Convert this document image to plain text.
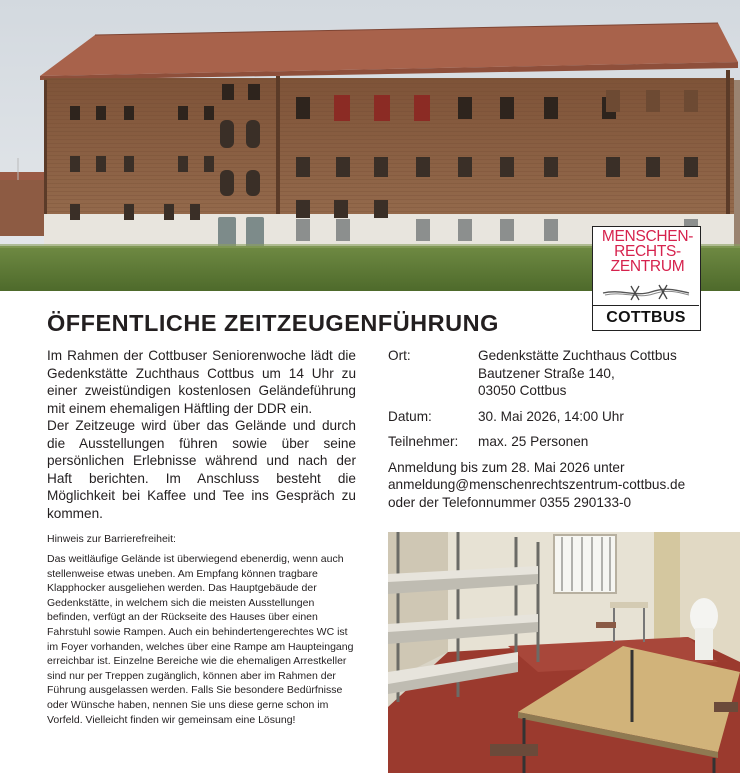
MENSCHEN-
RECHTS-
ZENTRUM
COTTBUS
ÖFFENTLICHE ZEITZEUGENFÜHRUNG

Im Rahmen der Cottbuser Seniorenwoche lädt die Gedenkstätte Zuchthaus Cottbus um 14 Uhr zu einer zweistündigen kostenlosen Geländeführung mit einem ehemaligen Häftling der DDR ein.

Der Zeitzeuge wird über das Gelände und durch die Ausstellungen führen sowie über seine persönlichen Erlebnisse während und nach der Haft berichten. Im Anschluss besteht die Möglichkeit bei Kaffee und Tee ins Gespräch zu kommen.

Ort:	Gedenkstätte Zuchthaus Cottbus
Bautzener Straße 140,
03050 Cottbus
Datum:	30. Mai 2026, 14:00 Uhr
Teilnehmer:	max. 25 Personen
Anmeldung bis zum 28. Mai 2026 unter
anmeldung@menschenrechtszentrum-cottbus.de
oder der Telefonnummer 0355 290133-0
Hinweis zur Barrierefreiheit:
Das weitläufige Gelände ist überwiegend ebenerdig, wenn auch stellenweise etwas uneben. Am Empfang können tragbare Klapphocker ausgeliehen werden. Das Hauptgebäude der Gedenkstätte, in welchem sich die meisten Ausstellungen befinden, verfügt an der Rückseite des Hauses über einen Fahrstuhl sowie Rampen. Auch ein behindertengerechtes WC ist im Foyer vorhanden, welches über eine Rampe am Haupteingang erreichbar ist. Einzelne Bereiche wie die ehemaligen Arrestkeller sind nur per Treppen zugänglich, können aber im Rahmen der Führung ausgelassen werden. Falls Sie besondere Bedürfnisse oder Wünsche haben, nennen Sie uns diese gerne schon im Vorfeld. Vielleicht finden wir gemeinsam eine Lösung!
